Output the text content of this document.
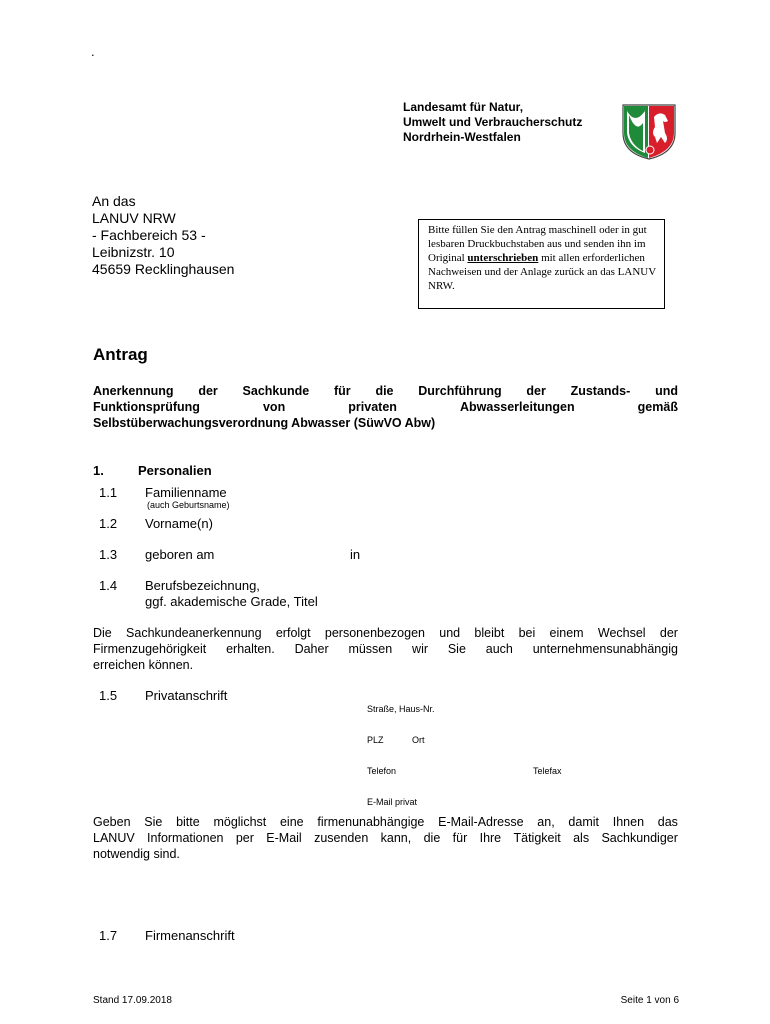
.
Landesamt für Natur,
Umwelt und Verbraucherschutz
Nordrhein-Westfalen
An das
LANUV NRW
- Fachbereich 53 -
Leibnizstr. 10
45659 Recklinghausen
Bitte füllen Sie den Antrag maschinell oder in gut lesbaren Druckbuchstaben aus und senden ihn im Original unterschrieben mit allen erforderlichen Nachweisen und der Anlage zurück an das LANUV NRW.
Antrag
Anerkennung der Sachkunde für die Durchführung der Zustands- und
Funktionsprüfung	von	privaten	Abwasserleitungen	gemäß
Selbstüberwachungsverordnung Abwasser (SüwVO Abw)
1.	Personalien
1.1 Familienname
(auch Geburtsname)
1.2 Vorname(n)
1.3 geboren am	in
1.4 Berufsbezeichnung,
ggf. akademische Grade, Titel
Die Sachkundeanerkennung erfolgt personenbezogen und bleibt bei einem Wechsel der
Firmenzugehörigkeit erhalten. Daher müssen wir Sie auch unternehmensunabhängig
erreichen können.
1.5 Privatanschrift
Straße, Haus-Nr.
PLZ	Ort
Telefon	Telefax
E-Mail privat
Geben Sie bitte möglichst eine firmenunabhängige E-Mail-Adresse an, damit Ihnen das
LANUV Informationen per E-Mail zusenden kann, die für Ihre Tätigkeit als Sachkundiger
notwendig sind.
1.7 Firmenanschrift
Stand 17.09.2018	Seite 1 von 6
